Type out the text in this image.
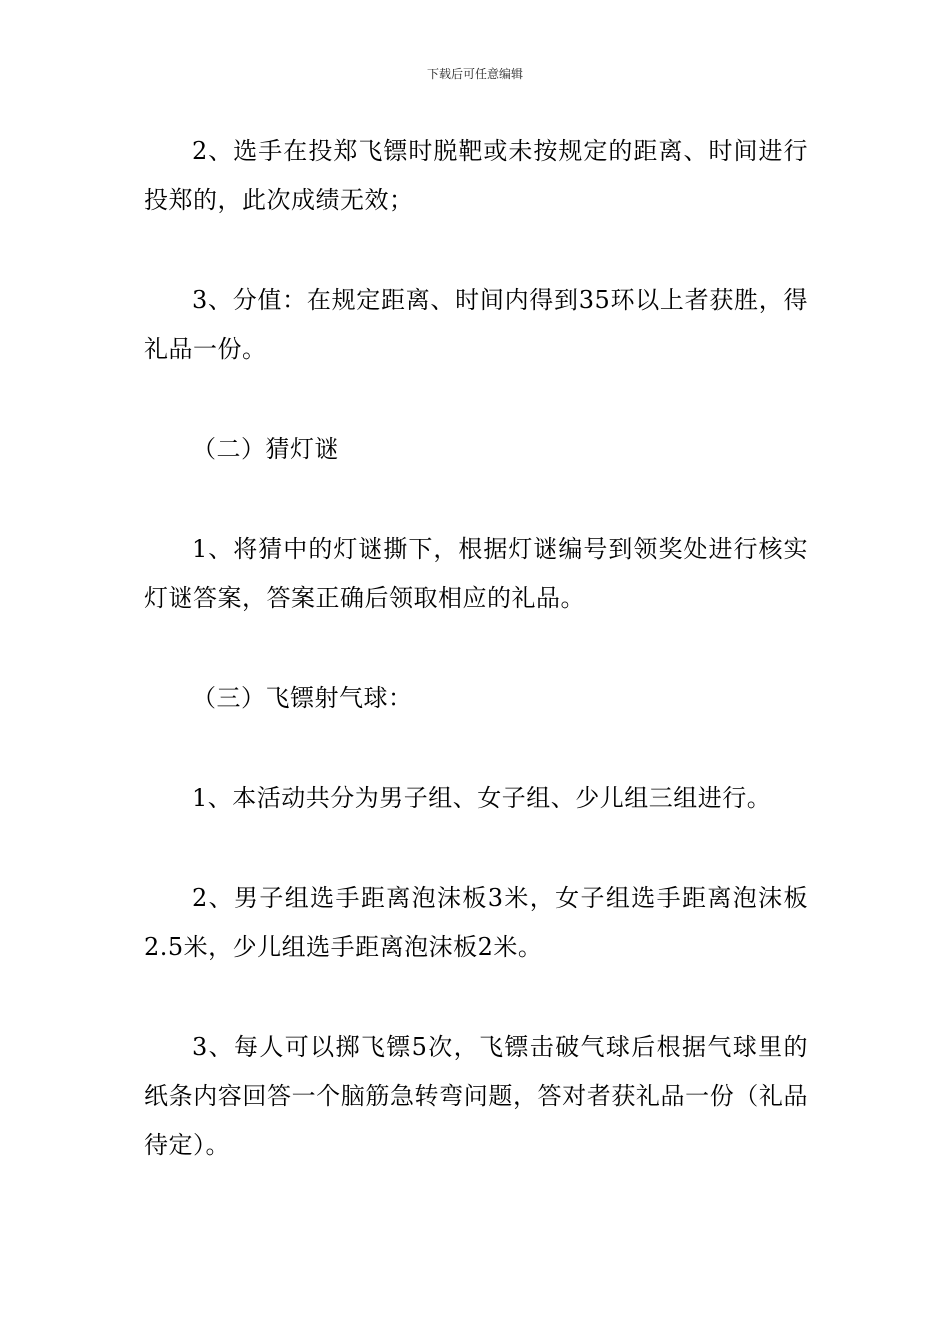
下载后可任意编辑

2、选手在投郑飞镖时脱靶或未按规定的距离、时间进行投郑的，此次成绩无效；

3、分值：在规定距离、时间内得到35环以上者获胜，得礼品一份。

（二）猜灯谜

1、将猜中的灯谜撕下，根据灯谜编号到领奖处进行核实灯谜答案，答案正确后领取相应的礼品。

（三）飞镖射气球：

1、本活动共分为男子组、女子组、少儿组三组进行。

2、男子组选手距离泡沫板3米，女子组选手距离泡沫板2.5米，少儿组选手距离泡沫板2米。

3、每人可以掷飞镖5次，飞镖击破气球后根据气球里的纸条内容回答一个脑筋急转弯问题，答对者获礼品一份（礼品待定）。
